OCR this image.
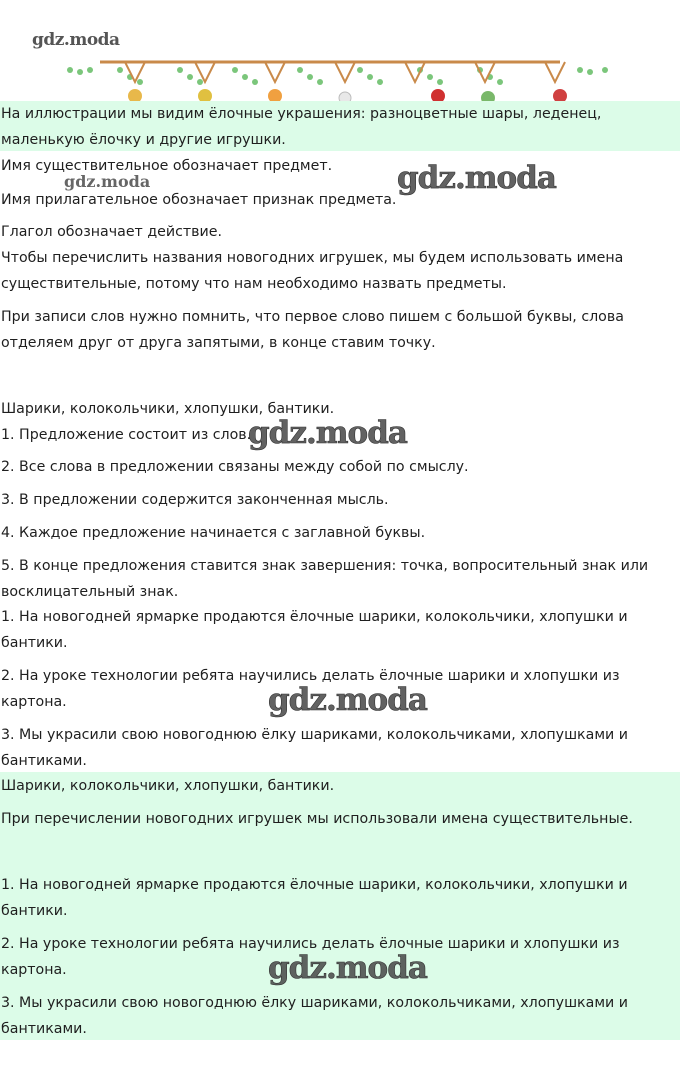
gdz.moda

На иллюстрации мы видим ёлочные украшения: разноцветные шары, леденец,

маленькую ёлочку и другие игрушки.

Имя существительное обозначает предмет.

gdz.moda

Имя прилагательное обозначает признак предмета.

gdz.moda

Глагол обозначает действие.

Чтобы перечислить названия новогодних игрушек, мы будем использовать имена

существительные, потому что нам необходимо назвать предметы.

При записи слов нужно помнить, что первое слово пишем с большой буквы, слова

отделяем друг от друга запятыми, в конце ставим точку.

Шарики, колокольчики, хлопушки, бантики.

1. Предложение состоит из слов.

gdz.moda

2. Все слова в предложении связаны между собой по смыслу.

3. В предложении содержится законченная мысль.

4. Каждое предложение начинается с заглавной буквы.

5. В конце предложения ставится знак завершения: точка, вопросительный знак или

восклицательный знак.

1. На новогодней ярмарке продаются ёлочные шарики, колокольчики, хлопушки и

бантики.

2. На уроке технологии ребята научились делать ёлочные шарики и хлопушки из

картона.	gdz.moda

3. Мы украсили свою новогоднюю ёлку шариками, колокольчиками, хлопушками и

бантиками.

Шарики, колокольчики, хлопушки, бантики.

При перечислении новогодних игрушек мы использовали имена существительные.

1. На новогодней ярмарке продаются ёлочные шарики, колокольчики, хлопушки и

бантики.

2. На уроке технологии ребята научились делать ёлочные шарики и хлопушки из

картона.	gdz.moda

3. Мы украсили свою новогоднюю ёлку шариками, колокольчиками, хлопушками и

бантиками.
